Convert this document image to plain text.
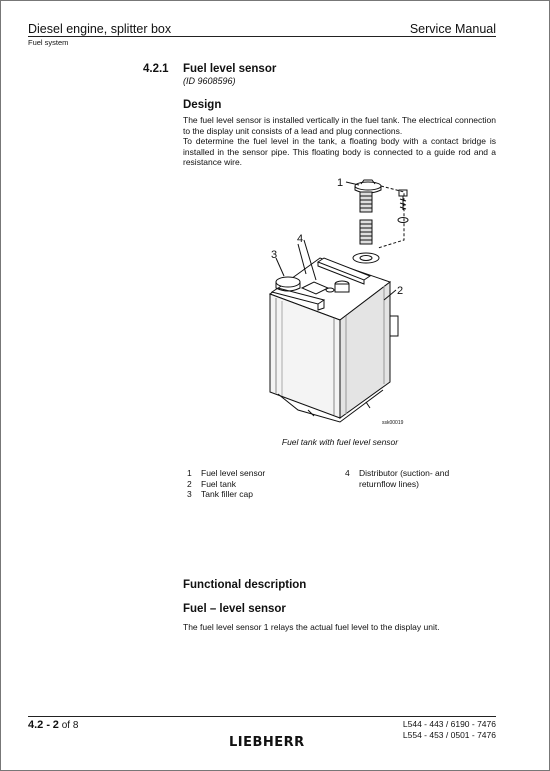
Diesel engine, splitter box	Service Manual
Fuel system
4.2.1 Fuel level sensor
(ID 9608596)
Design
The fuel level sensor is installed vertically in the fuel tank. The electrical connection to the display unit consists of a lead and plug connections.
To determine the fuel level in the tank, a floating body with a contact bridge is installed in the sensor pipe. This floating body is connected to a guide rod and a resistance wire.
1
2
3
4
ssk00019
Fuel tank with fuel level sensor
1 Fuel level sensor
2 Fuel tank
3 Tank filler cap
4 Distributor (suction- and
returnflow lines)
Functional description
Fuel – level sensor
The fuel level sensor 1 relays the actual fuel level to the display unit.
4.2 - 2 of 8	L544 - 443 / 6190 - 7476
L554 - 453 / 0501 - 7476
LIEBHERR
